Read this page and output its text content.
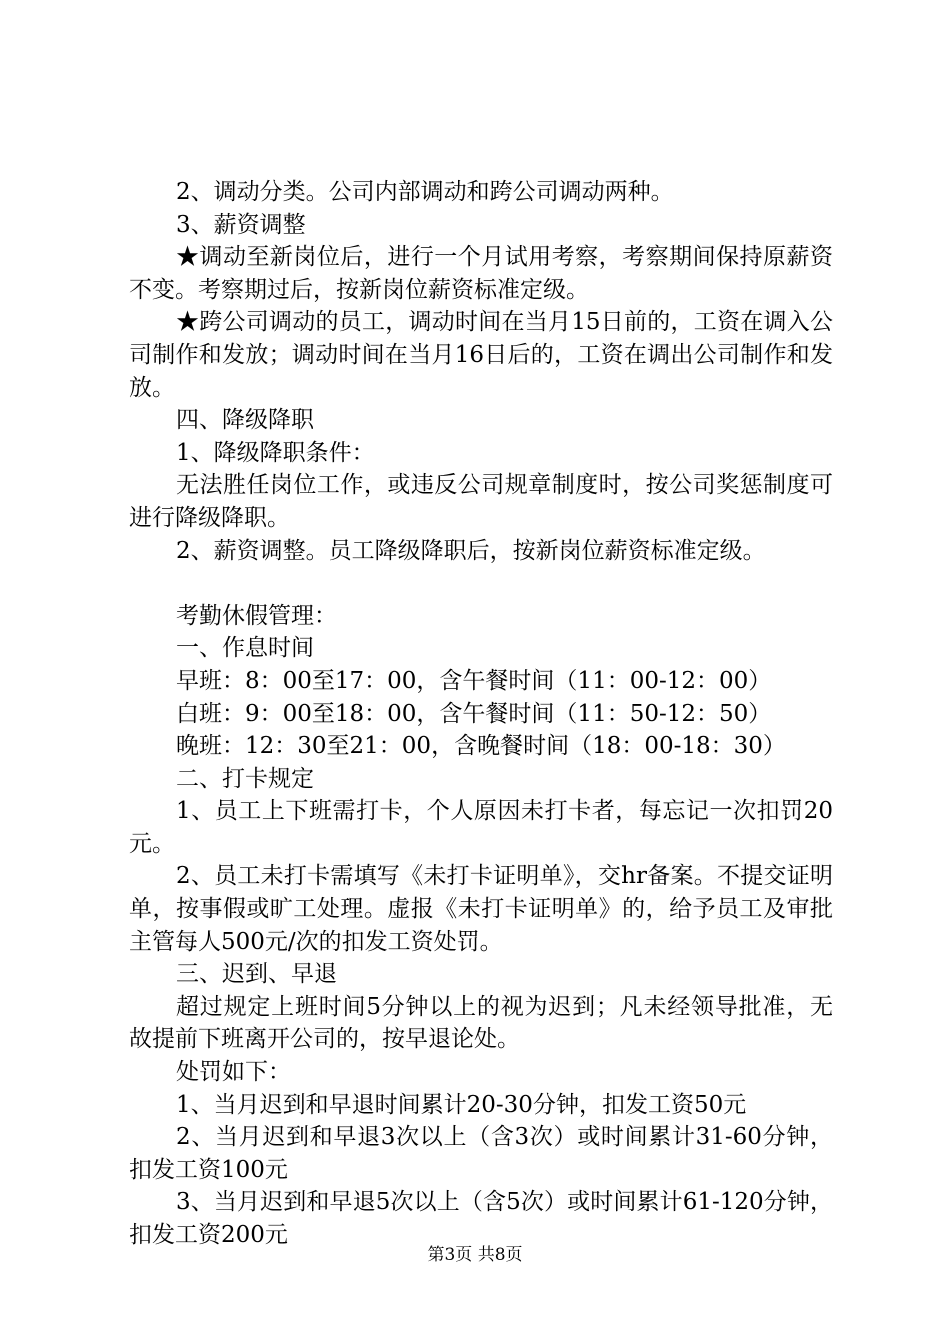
2、调动分类。公司内部调动和跨公司调动两种。

3、薪资调整

★调动至新岗位后，进行一个月试用考察，考察期间保持原薪资不变。考察期过后，按新岗位薪资标准定级。

★跨公司调动的员工，调动时间在当月15日前的，工资在调入公司制作和发放；调动时间在当月16日后的，工资在调出公司制作和发放。

四、降级降职

1、降级降职条件：

无法胜任岗位工作，或违反公司规章制度时，按公司奖惩制度可进行降级降职。

2、薪资调整。员工降级降职后，按新岗位薪资标准定级。

考勤休假管理：

一、作息时间

早班：8：00至17：00，含午餐时间（11：00-12：00）

白班：9：00至18：00，含午餐时间（11：50-12：50）

晚班：12：30至21：00，含晚餐时间（18：00-18：30）

二、打卡规定

1、员工上下班需打卡，个人原因未打卡者，每忘记一次扣罚20元。

2、员工未打卡需填写《未打卡证明单》，交hr备案。不提交证明单，按事假或旷工处理。虚报《未打卡证明单》的，给予员工及审批主管每人500元/次的扣发工资处罚。

三、迟到、早退

超过规定上班时间5分钟以上的视为迟到；凡未经领导批准，无故提前下班离开公司的，按早退论处。

处罚如下：

1、当月迟到和早退时间累计20-30分钟，扣发工资50元

2、当月迟到和早退3次以上（含3次）或时间累计31-60分钟，扣发工资100元

3、当月迟到和早退5次以上（含5次）或时间累计61-120分钟，扣发工资200元

第3页 共8页
